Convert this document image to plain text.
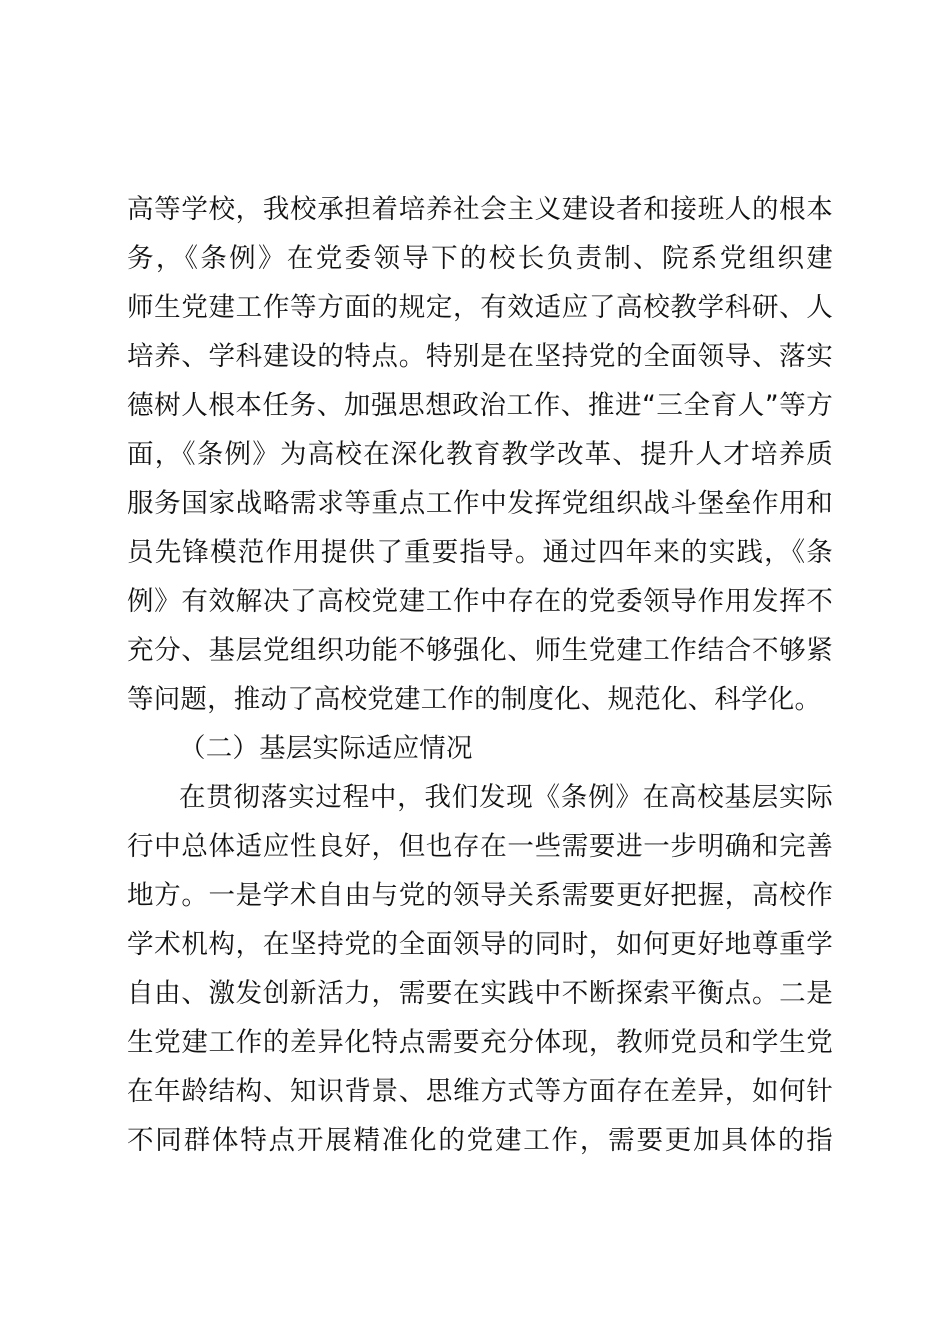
高等学校，我校承担着培养社会主义建设者和接班人的根本
务，《条例》在党委领导下的校长负责制、院系党组织建
师生党建工作等方面的规定，有效适应了高校教学科研、人
培养、学科建设的特点。特别是在坚持党的全面领导、落实
德树人根本任务、加强思想政治工作、推进“三全育人”等方
面，《条例》为高校在深化教育教学改革、提升人才培养质
服务国家战略需求等重点工作中发挥党组织战斗堡垒作用和
员先锋模范作用提供了重要指导。通过四年来的实践，《条
例》有效解决了高校党建工作中存在的党委领导作用发挥不
充分、基层党组织功能不够强化、师生党建工作结合不够紧
等问题，推动了高校党建工作的制度化、规范化、科学化。
（二）基层实际适应情况
在贯彻落实过程中，我们发现《条例》在高校基层实际
行中总体适应性良好，但也存在一些需要进一步明确和完善
地方。一是学术自由与党的领导关系需要更好把握，高校作
学术机构，在坚持党的全面领导的同时，如何更好地尊重学
自由、激发创新活力，需要在实践中不断探索平衡点。二是
生党建工作的差异化特点需要充分体现，教师党员和学生党
在年龄结构、知识背景、思维方式等方面存在差异，如何针
不同群体特点开展精准化的党建工作，需要更加具体的指
